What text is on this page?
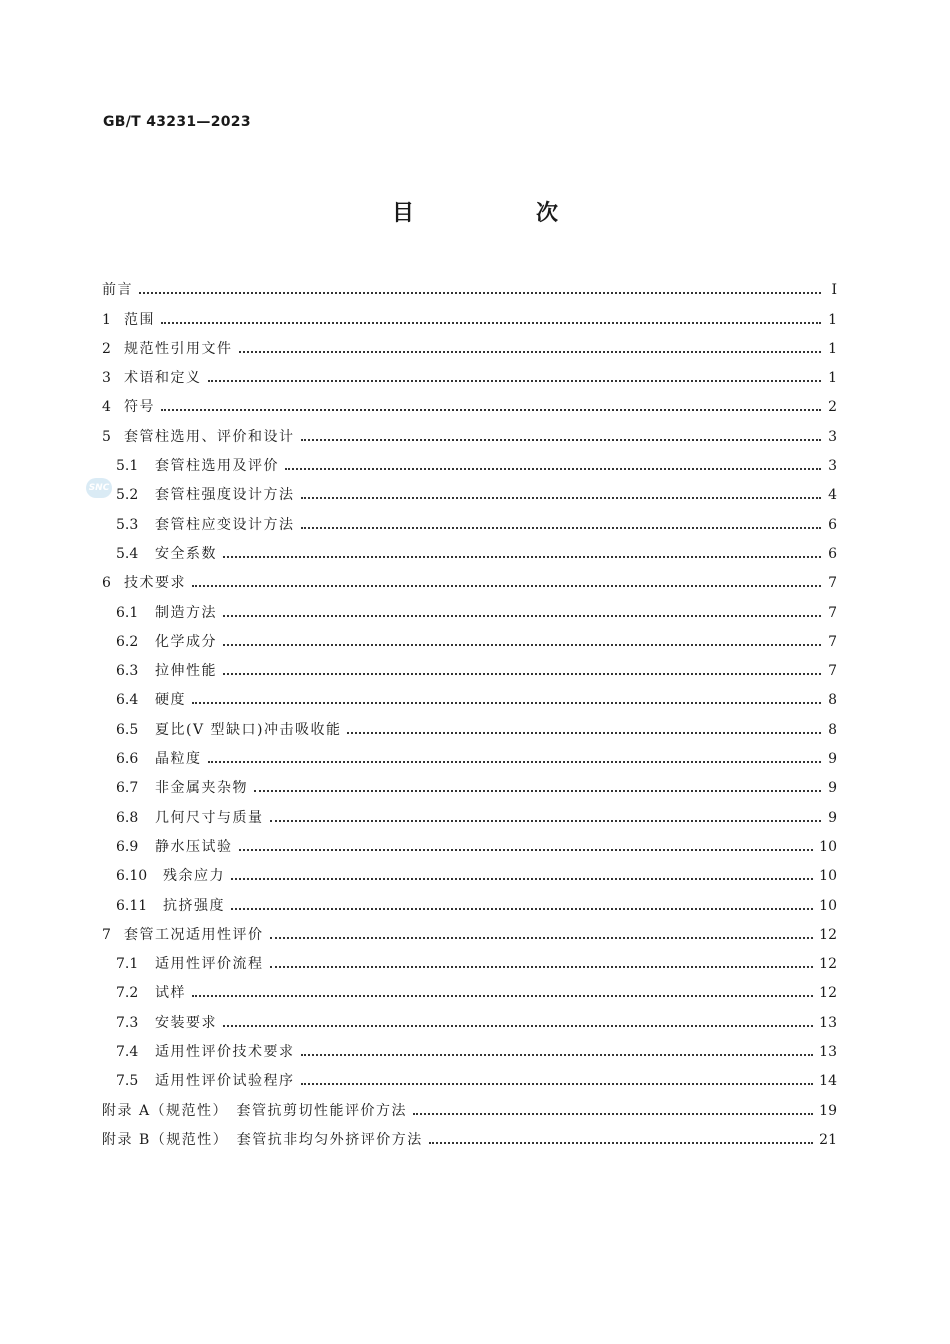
GB/T 43231—2023
目　次
SNC
前言	Ⅰ
1 范围	1
2 规范性引用文件	1
3 术语和定义	1
4 符号	2
5 套管柱选用、评价和设计	3
5.1	套管柱选用及评价	3
5.2	套管柱强度设计方法	4
5.3	套管柱应变设计方法	6
5.4	安全系数	6
6 技术要求	7
6.1	制造方法	7
6.2	化学成分	7
6.3	拉伸性能	7
6.4	硬度	8
6.5	夏比(V 型缺口)冲击吸收能	8
6.6	晶粒度	9
6.7	非金属夹杂物	9
6.8	几何尺寸与质量	9
6.9	静水压试验	10
6.10	残余应力	10
6.11	抗挤强度	10
7 套管工况适用性评价	12
7.1	适用性评价流程	12
7.2	试样	12
7.3	安装要求	13
7.4	适用性评价技术要求	13
7.5	适用性评价试验程序	14
附录 A（规范性）　套管抗剪切性能评价方法	19
附录 B（规范性）　套管抗非均匀外挤评价方法	21
